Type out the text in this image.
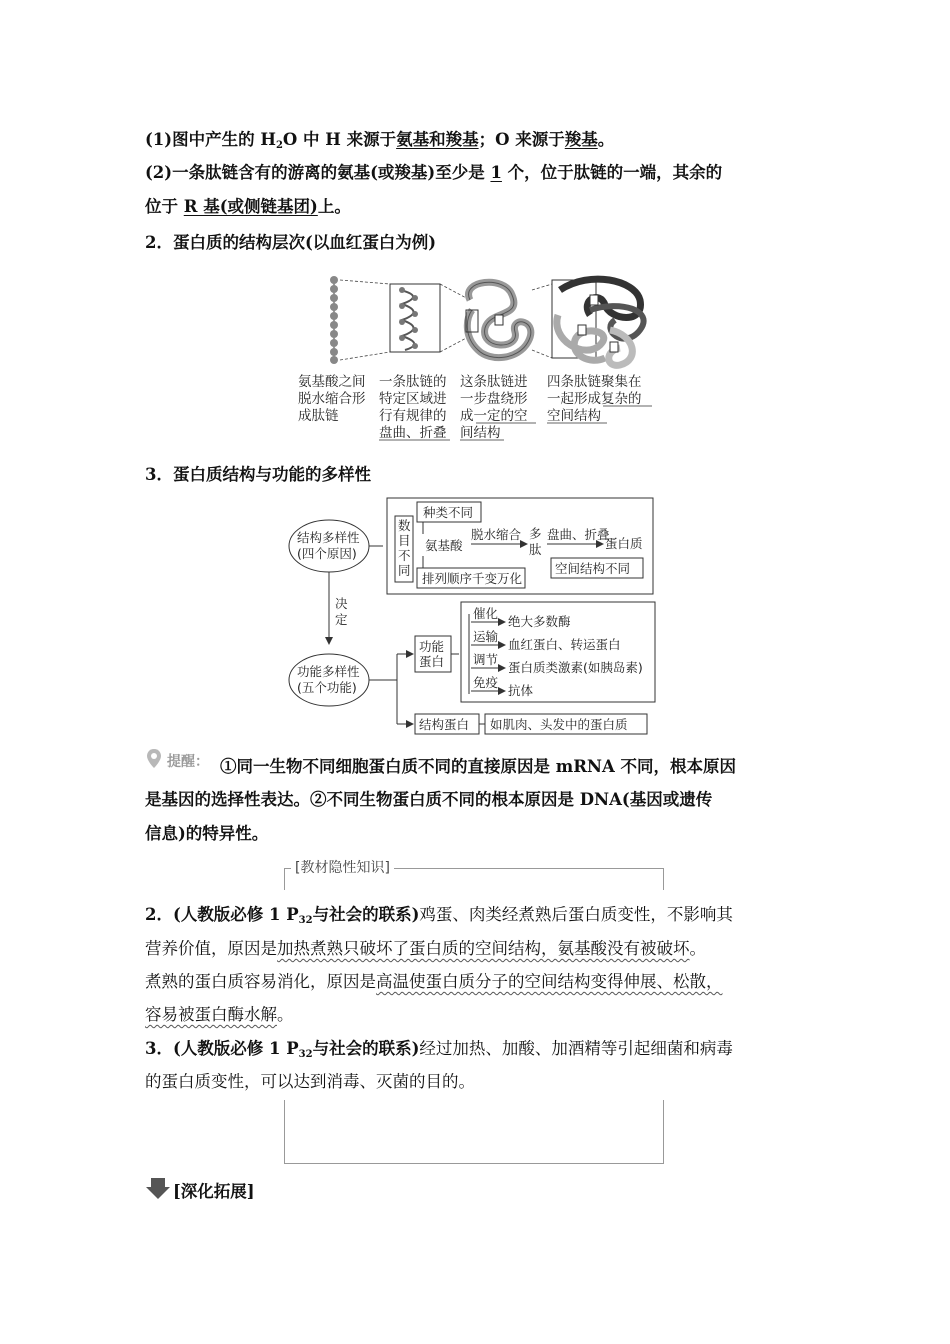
(1)图中产生的 $H_2O$ 中 H 来源于氨基和羧基；O 来源于羧基。
(2)一条肽链含有的游离的氨基(或羧基)至少是 1 个，位于肽链的一端，其余的
位于 R 基(或侧链基团)上。
2．蛋白质的结构层次(以血红蛋白为例)
氨基酸之间
脱水缩合形
成肽链
一条肽链的
特定区域进
行有规律的
盘曲、折叠
这条肽链进
一步盘绕形
成一定的空
间结构
四条肽链聚集在
一起形成复杂的
空间结构
3．蛋白质结构与功能的多样性
结构多样性
(四个原因)
数
目
不
同
种类不同
氨基酸
脱水缩合 多
肽
盘曲、折叠
蛋白质
排列顺序千变万化
空间结构不同
决
定
功能多样性
(五个功能)
功能
蛋白
催化
绝大多数酶
运输
血红蛋白、转运蛋白
调节
蛋白质类激素(如胰岛素)
免疫
抗体
结构蛋白 如肌肉、头发中的蛋白质
提醒： ①同一生物不同细胞蛋白质不同的直接原因是 mRNA 不同，根本原因
是基因的选择性表达。②不同生物蛋白质不同的根本原因是 DNA(基因或遗传
信息)的特异性。
[教材隐性知识]
2．(人教版必修 1 $P_{32}$与社会的联系)鸡蛋、肉类经煮熟后蛋白质变性，不影响其
营养价值，原因是加热煮熟只破坏了蛋白质的空间结构，氨基酸没有被破坏。
煮熟的蛋白质容易消化，原因是高温使蛋白质分子的空间结构变得伸展、松散，
容易被蛋白酶水解。
3．(人教版必修 1 $P_{32}$与社会的联系)经过加热、加酸、加酒精等引起细菌和病毒
的蛋白质变性，可以达到消毒、灭菌的目的。
[深化拓展]
